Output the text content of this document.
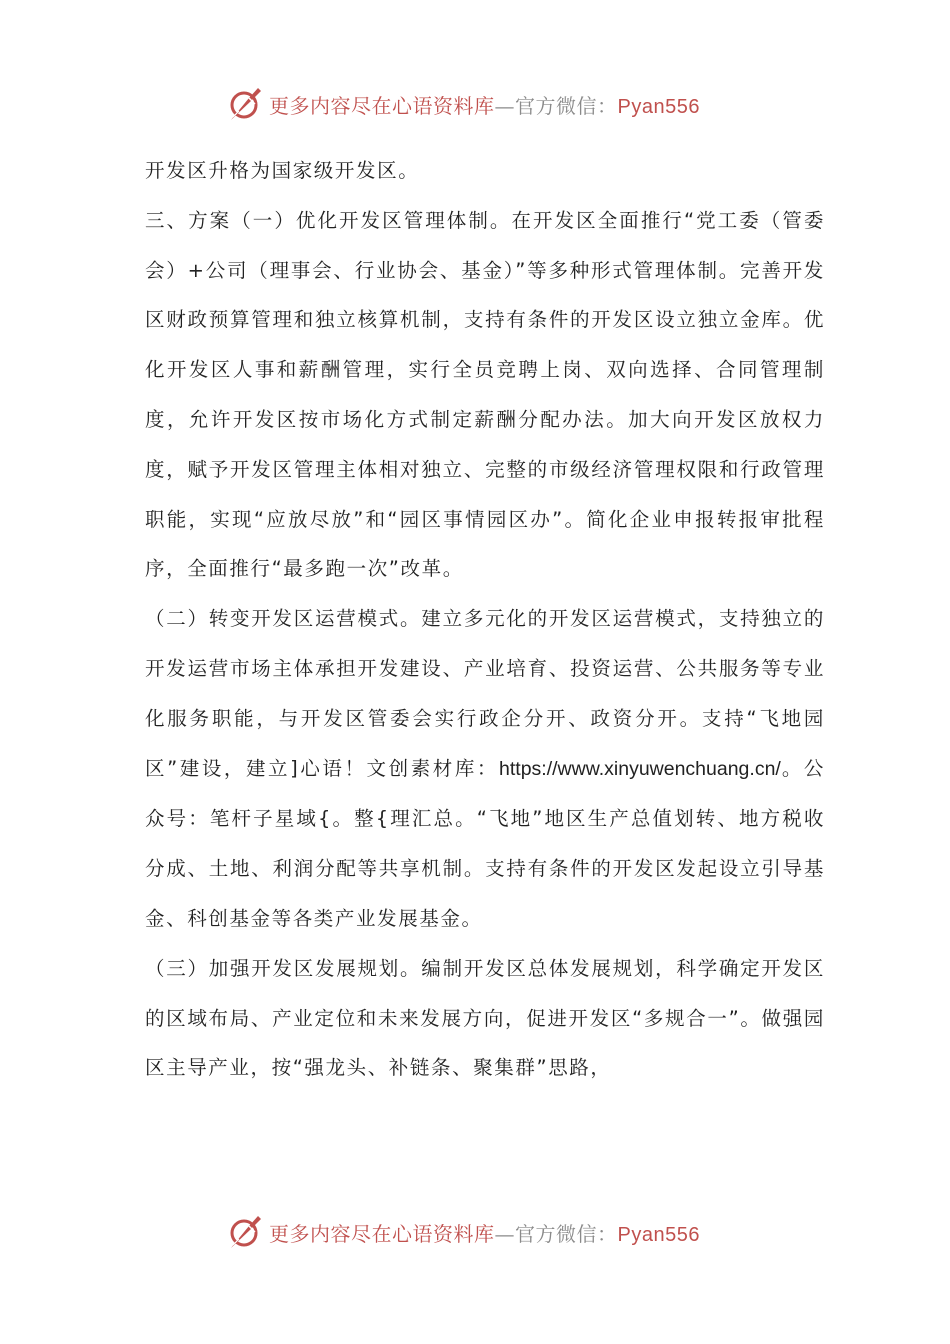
更多内容尽在心语资料库—官方微信：Pyan556

开发区升格为国家级开发区。

三、方案（一）优化开发区管理体制。在开发区全面推行“党工委（管委会）+公司（理事会、行业协会、基金）”等多种形式管理体制。完善开发区财政预算管理和独立核算机制，支持有条件的开发区设立独立金库。优化开发区人事和薪酬管理，实行全员竞聘上岗、双向选择、合同管理制度，允许开发区按市场化方式制定薪酬分配办法。加大向开发区放权力度，赋予开发区管理主体相对独立、完整的市级经济管理权限和行政管理职能，实现“应放尽放”和“园区事情园区办”。简化企业申报转报审批程序，全面推行“最多跑一次”改革。

（二）转变开发区运营模式。建立多元化的开发区运营模式，支持独立的开发运营市场主体承担开发建设、产业培育、投资运营、公共服务等专业化服务职能，与开发区管委会实行政企分开、政资分开。支持“飞地园区”建设，建立]心语！文创素材库：https://www.xinyuwenchuang.cn/。公众号：笔杆子星域{。整{理汇总。“飞地”地区生产总值划转、地方税收分成、土地、利润分配等共享机制。支持有条件的开发区发起设立引导基金、科创基金等各类产业发展基金。

（三）加强开发区发展规划。编制开发区总体发展规划，科学确定开发区的区域布局、产业定位和未来发展方向，促进开发区“多规合一”。做强园区主导产业，按“强龙头、补链条、聚集群”思路，

更多内容尽在心语资料库—官方微信：Pyan556
